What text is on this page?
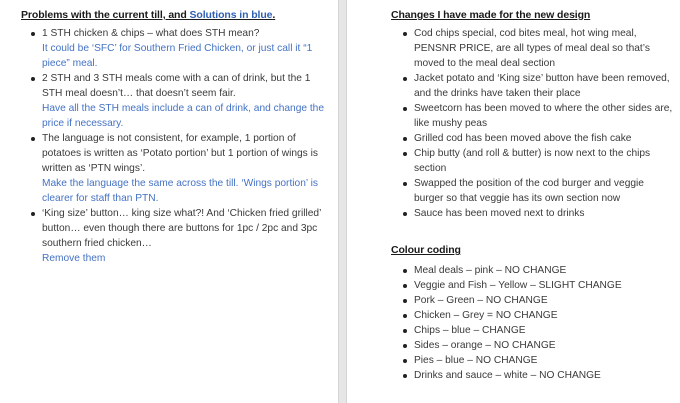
Problems with the current till, and Solutions in blue.
1 STH chicken & chips – what does STH mean?
It could be ‘SFC’ for Southern Fried Chicken, or just call it “1 piece” meal.
2 STH and 3 STH meals come with a can of drink, but the 1 STH meal doesn’t… that doesn’t seem fair.
Have all the STH meals include a can of drink, and change the price if necessary.
The language is not consistent, for example, 1 portion of potatoes is written as ‘Potato portion’ but 1 portion of wings is written as ‘PTN wings’.
Make the language the same across the till. ‘Wings portion’ is clearer for staff than PTN.
‘King size’ button… king size what?! And ‘Chicken fried grilled’ button… even though there are buttons for 1pc / 2pc and 3pc southern fried chicken…
Remove them
Changes I have made for the new design
Cod chips special, cod bites meal, hot wing meal, PENSNR PRICE, are all types of meal deal so that’s moved to the meal deal section
Jacket potato and ‘King size’ button have been removed, and the drinks have taken their place
Sweetcorn has been moved to where the other sides are, like mushy peas
Grilled cod has been moved above the fish cake
Chip butty (and roll & butter) is now next to the chips section
Swapped the position of the cod burger and veggie burger so that veggie has its own section now
Sauce has been moved next to drinks
Colour coding
Meal deals – pink – NO CHANGE
Veggie and Fish – Yellow – SLIGHT CHANGE
Pork – Green – NO CHANGE
Chicken – Grey = NO CHANGE
Chips – blue – CHANGE
Sides – orange – NO CHANGE
Pies – blue – NO CHANGE
Drinks and sauce – white – NO CHANGE
